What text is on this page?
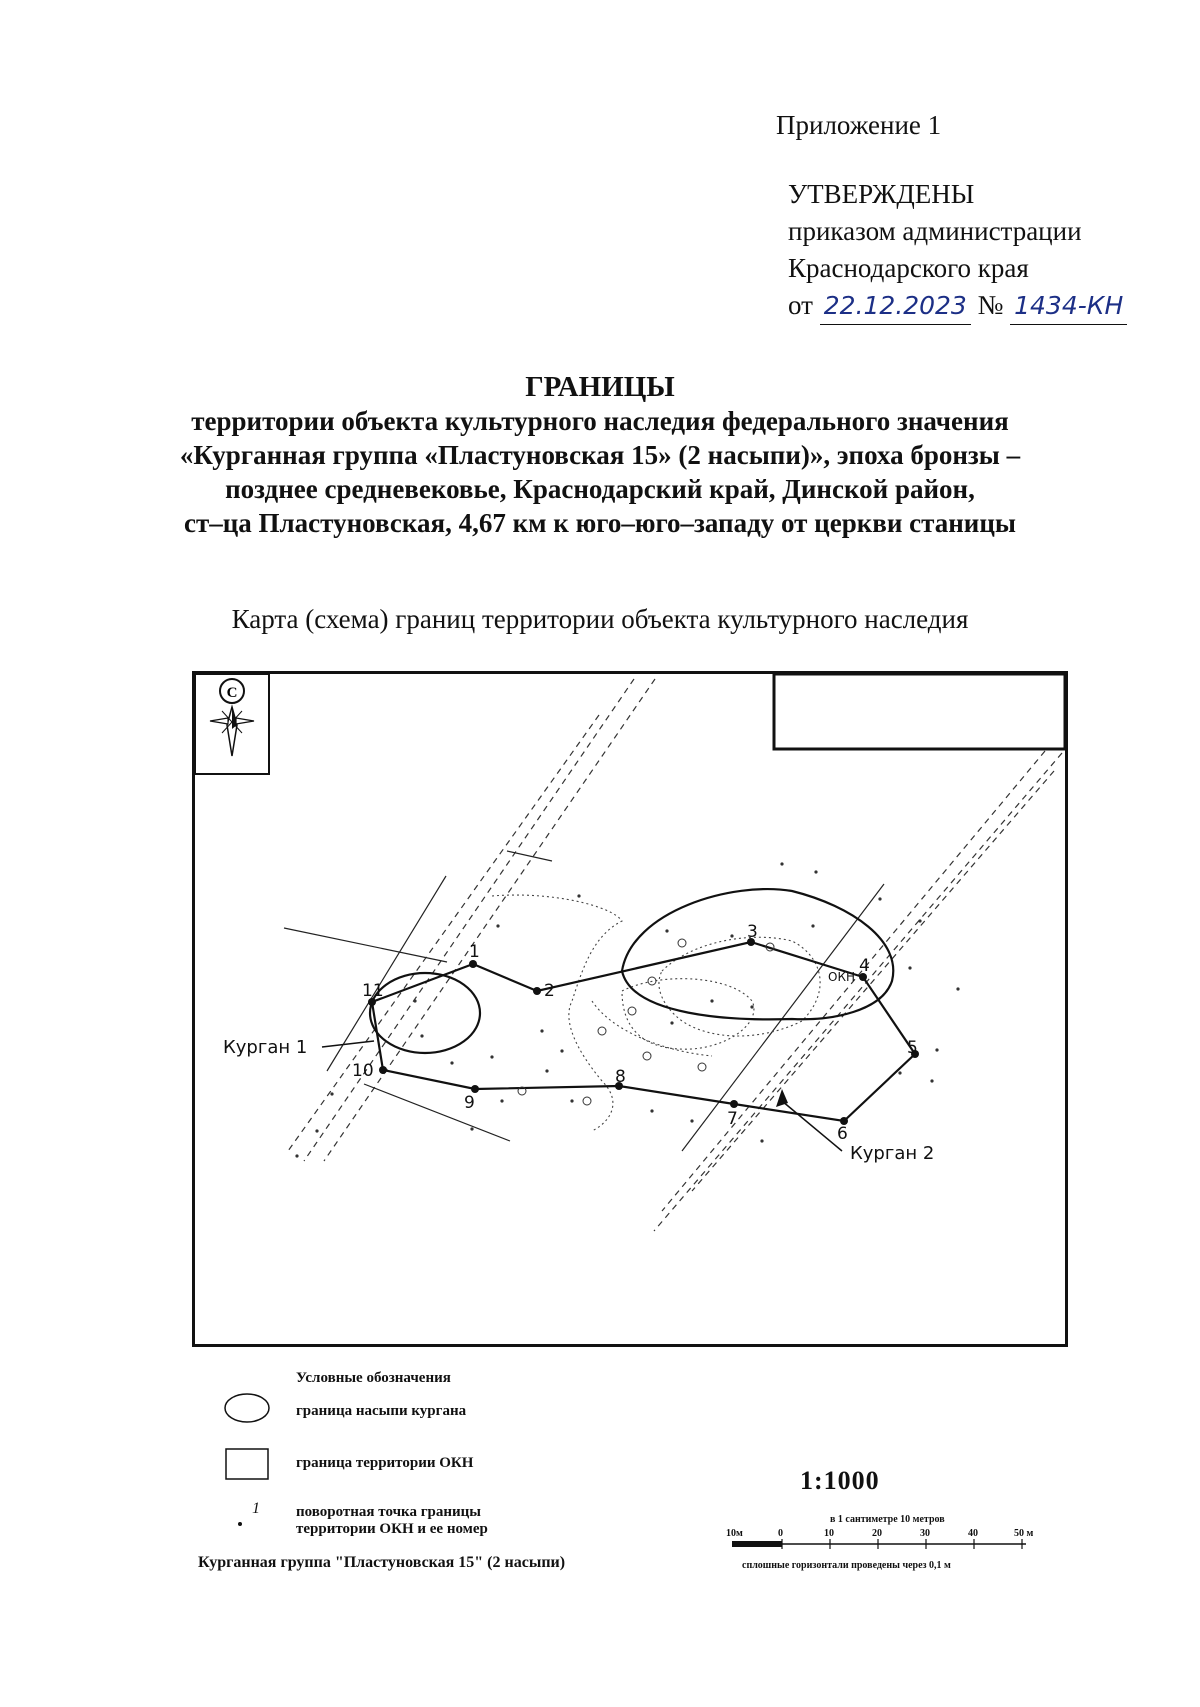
Приложение 1
УТВЕРЖДЕНЫ
приказом администрации
Краснодарского края
от 22.12.2023 № 1434-КН
ГРАНИЦЫ
территории объекта культурного наследия федерального значения
«Курганная группа «Пластуновская 15» (2 насыпи)», эпоха бронзы –
позднее средневековье, Краснодарский край, Динской район,
ст–ца Пластуновская, 4,67 км к юго–юго–западу от церкви станицы
Карта (схема) границ территории объекта культурного наследия
С
1
2
3
4
5
6
7
8
9
10
11
ОКН
Курган 1
Курган 2
Условные обозначения
граница насыпи кургана
граница территории ОКН
1 поворотная точка границы
территории ОКН и ее номер
Курганная группа "Пластуновская 15" (2 насыпи)
1:1000
в 1 сантиметре 10 метров
10м	0	10	20	30	40	50 м
сплошные горизонтали проведены через 0,1 м
